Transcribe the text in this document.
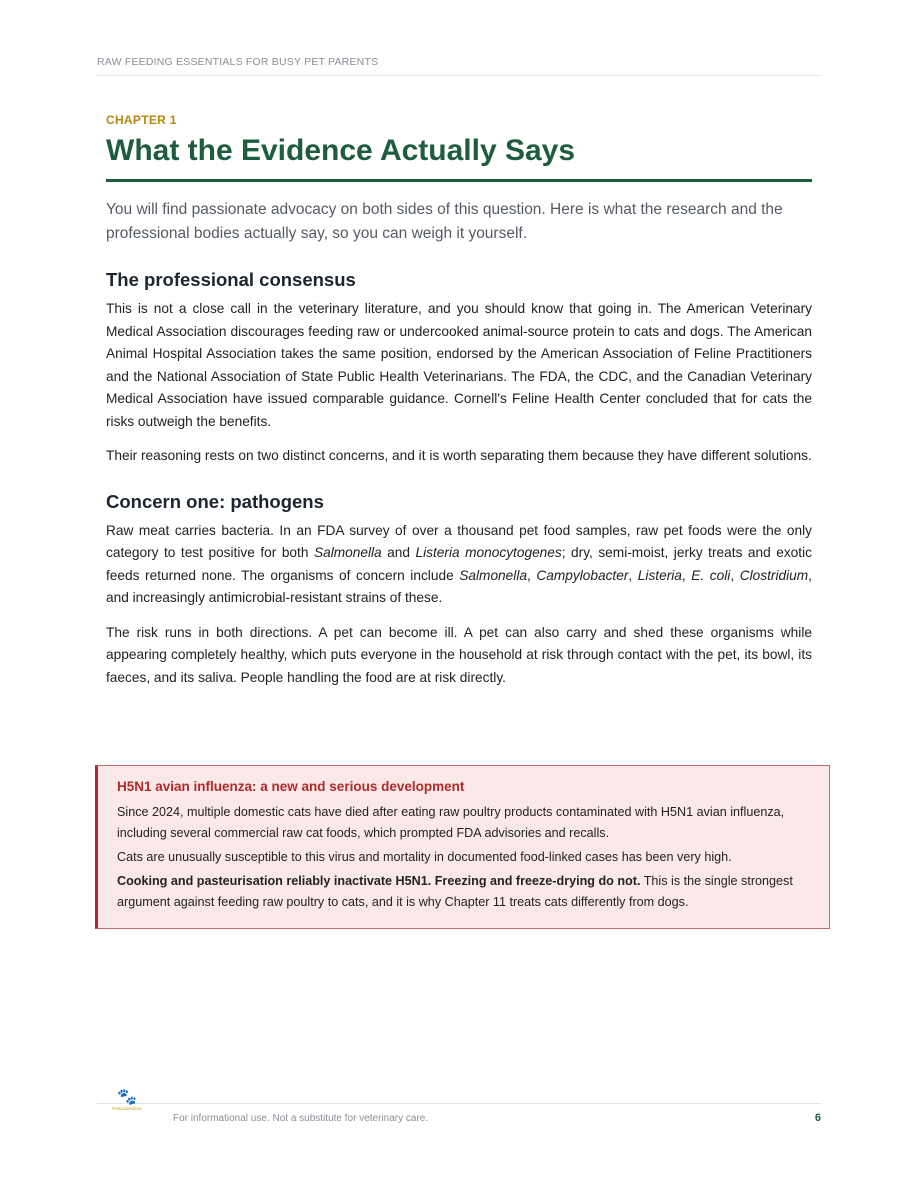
RAW FEEDING ESSENTIALS FOR BUSY PET PARENTS
CHAPTER 1
What the Evidence Actually Says

You will find passionate advocacy on both sides of this question. Here is what the research and the professional bodies actually say, so you can weigh it yourself.

The professional consensus

This is not a close call in the veterinary literature, and you should know that going in. The American Veterinary Medical Association discourages feeding raw or undercooked animal-source protein to cats and dogs. The American Animal Hospital Association takes the same position, endorsed by the American Association of Feline Practitioners and the National Association of State Public Health Veterinarians. The FDA, the CDC, and the Canadian Veterinary Medical Association have issued comparable guidance. Cornell's Feline Health Center concluded that for cats the risks outweigh the benefits.

Their reasoning rests on two distinct concerns, and it is worth separating them because they have different solutions.

Concern one: pathogens

Raw meat carries bacteria. In an FDA survey of over a thousand pet food samples, raw pet foods were the only category to test positive for both Salmonella and Listeria monocytogenes; dry, semi-moist, jerky treats and exotic feeds returned none. The organisms of concern include Salmonella, Campylobacter, Listeria, E. coli, Clostridium, and increasingly antimicrobial-resistant strains of these.

The risk runs in both directions. A pet can become ill. A pet can also carry and shed these organisms while appearing completely healthy, which puts everyone in the household at risk through contact with the pet, its bowl, its faeces, and its saliva. People handling the food are at risk directly.

H5N1 avian influenza: a new and serious development

Since 2024, multiple domestic cats have died after eating raw poultry products contaminated with H5N1 avian influenza, including several commercial raw cat foods, which prompted FDA advisories and recalls.

Cats are unusually susceptible to this virus and mortality in documented food-linked cases has been very high.

Cooking and pasteurisation reliably inactivate H5N1. Freezing and freeze-drying do not. This is the single strongest argument against feeding raw poultry to cats, and it is why Chapter 11 treats cats differently from dogs.

🐾
PetGuideStore
For informational use. Not a substitute for veterinary care.	6
